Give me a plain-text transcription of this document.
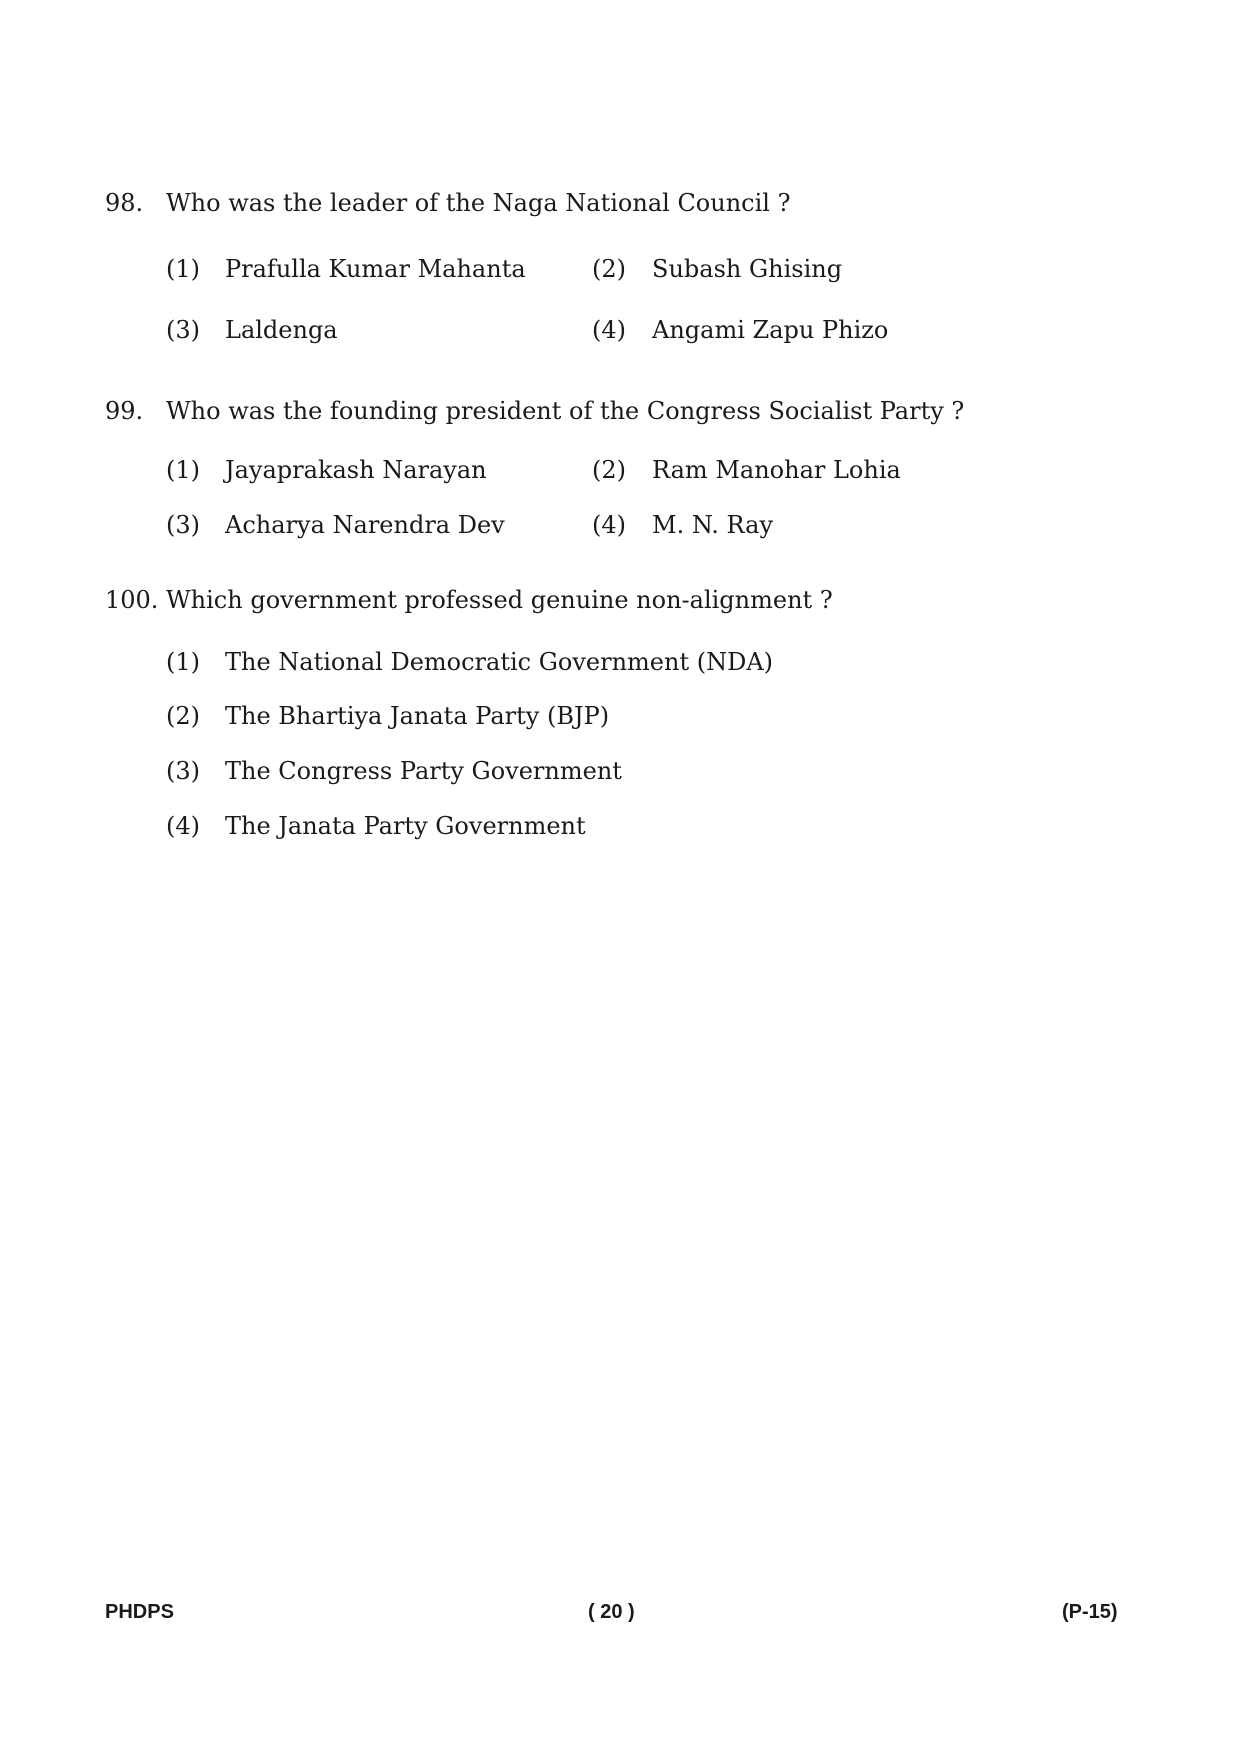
98. Who was the leader of the Naga National Council ?
(1) Prafulla Kumar Mahanta	(2) Subash Ghising
(3) Laldenga	(4) Angami Zapu Phizo
99. Who was the founding president of the Congress Socialist Party ?
(1) Jayaprakash Narayan	(2) Ram Manohar Lohia
(3) Acharya Narendra Dev	(4) M. N. Ray
100. Which government professed genuine non-alignment ?
(1) The National Democratic Government (NDA)
(2) The Bhartiya Janata Party (BJP)
(3) The Congress Party Government
(4) The Janata Party Government
PHDPS	( 20 )	(P-15)
